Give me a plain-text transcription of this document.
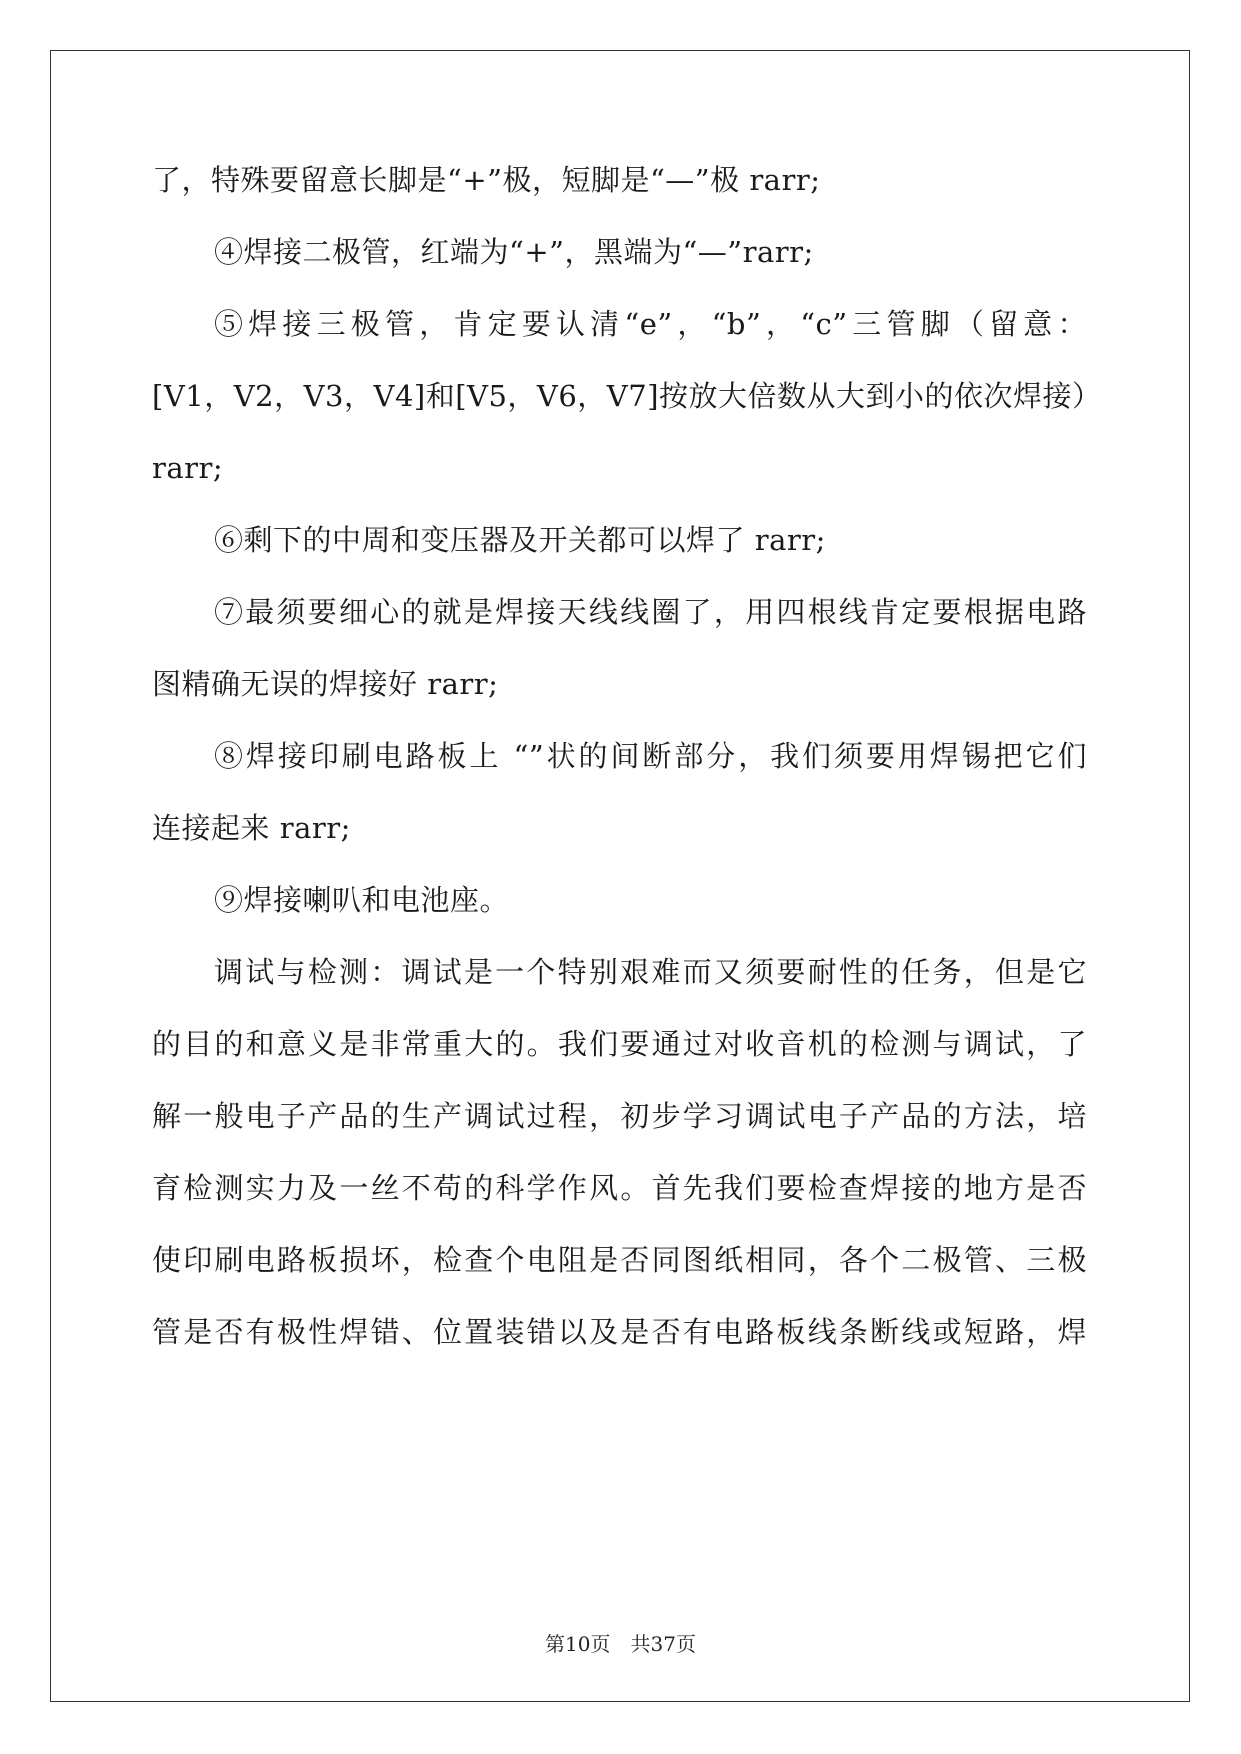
了，特殊要留意长脚是“+”极，短脚是“—”极 rarr;
④焊接二极管，红端为“+”，黑端为“—”rarr;
⑤焊接三极管，肯定要认清“e”，“b”，“c”三管脚（留意：
[V1，V2，V3，V4]和[V5，V6，V7]按放大倍数从大到小的依次焊接）
rarr;
⑥剩下的中周和变压器及开关都可以焊了 rarr;
⑦最须要细心的就是焊接天线线圈了，用四根线肯定要根据电路
图精确无误的焊接好 rarr;
⑧焊接印刷电路板上 “”状的间断部分，我们须要用焊锡把它们
连接起来 rarr;
⑨焊接喇叭和电池座。
调试与检测：调试是一个特别艰难而又须要耐性的任务，但是它
的目的和意义是非常重大的。我们要通过对收音机的检测与调试，了
解一般电子产品的生产调试过程，初步学习调试电子产品的方法，培
育检测实力及一丝不苟的科学作风。首先我们要检查焊接的地方是否
使印刷电路板损坏，检查个电阻是否同图纸相同，各个二极管、三极
管是否有极性焊错、位置装错以及是否有电路板线条断线或短路，焊
第10页　共37页
